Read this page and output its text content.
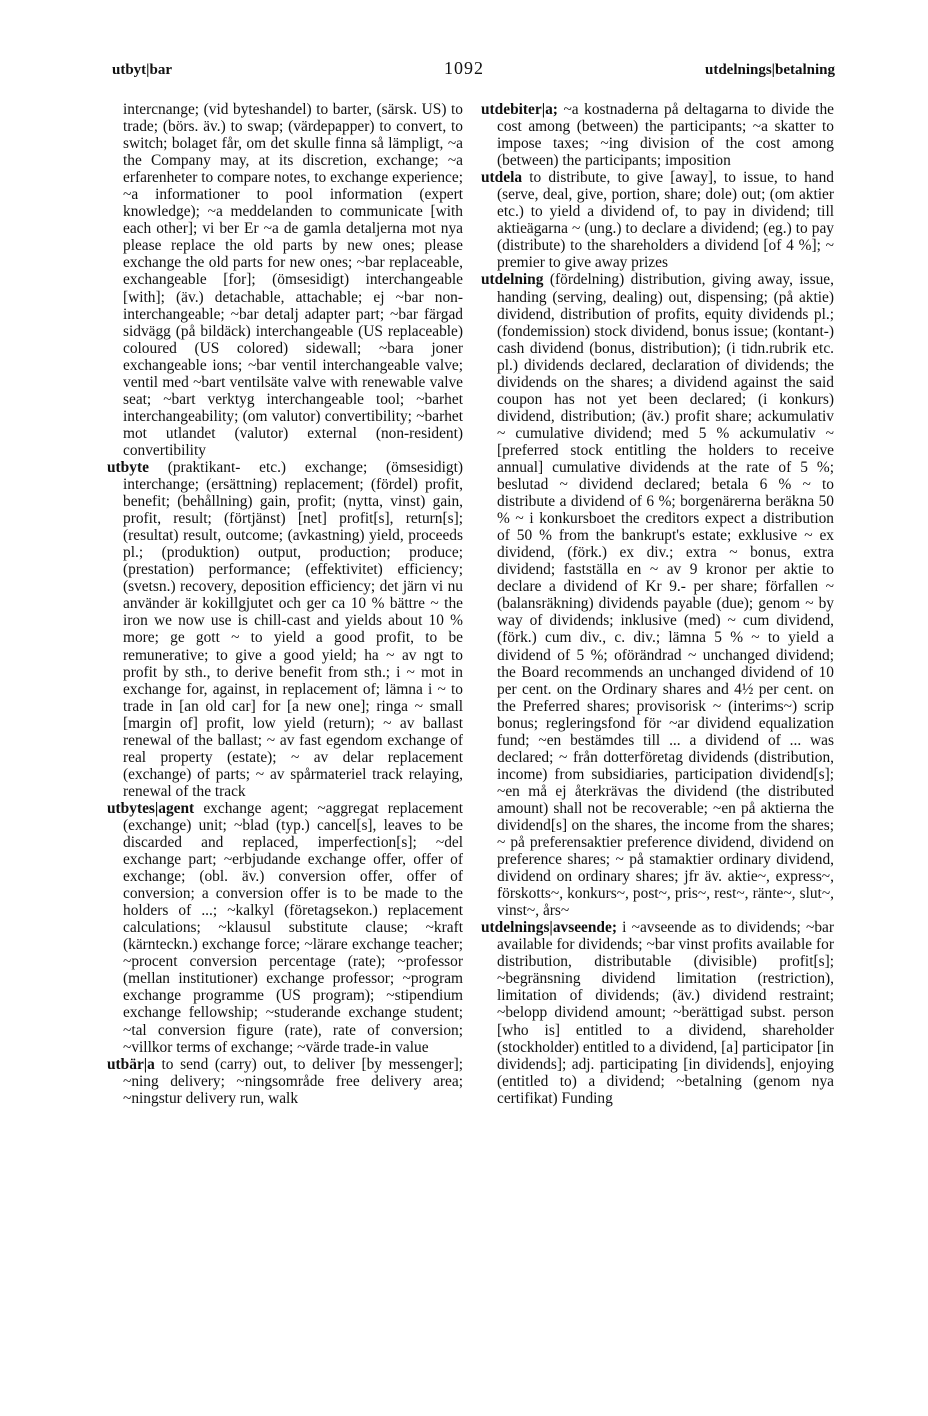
utbyt|bar	1092	utdelnings|betalning

intercnange; (vid byteshandel) to barter, (särsk. US) to trade; (börs. äv.) to swap; (värdepapper) to convert, to switch; bolaget får, om det skulle finna så lämpligt, ~a the Company may, at its discretion, exchange; ~a erfarenheter to compare notes, to exchange experience; ~a informationer to pool information (expert knowledge); ~a meddelanden to communicate [with each other]; vi ber Er ~a de gamla detaljerna mot nya please replace the old parts by new ones; please exchange the old parts for new ones; ~bar replaceable, exchangeable [for]; (ömsesidigt) interchangeable [with]; (äv.) detachable, attachable; ej ~bar non-interchangeable; ~bar detalj adapter part; ~bar färgad sidvägg (på bildäck) interchangeable (US replaceable) coloured (US colored) sidewall; ~bara joner exchangeable ions; ~bar ventil interchangeable valve; ventil med ~bart ventilsäte valve with renewable valve seat; ~bart verktyg interchangeable tool; ~barhet interchangeability; (om valutor) convertibility; ~barhet mot utlandet (valutor) external (non-resident) convertibility

utbyte (praktikant- etc.) exchange; (ömsesidigt) interchange; (ersättning) replacement; (fördel) profit, benefit; (behållning) gain, profit; (nytta, vinst) gain, profit, result; (förtjänst) [net] profit[s], return[s]; (resultat) result, outcome; (avkastning) yield, proceeds pl.; (produktion) output, production; produce; (prestation) performance; (effektivitet) efficiency; (svetsn.) recovery, deposition efficiency; det järn vi nu använder är kokillgjutet och ger ca 10 % bättre ~ the iron we now use is chill-cast and yields about 10 % more; ge gott ~ to yield a good profit, to be remunerative; to give a good yield; ha ~ av ngt to profit by sth., to derive benefit from sth.; i ~ mot in exchange for, against, in replacement of; lämna i ~ to trade in [an old car] for [a new one]; ringa ~ small [margin of] profit, low yield (return); ~ av ballast renewal of the ballast; ~ av fast egendom exchange of real property (estate); ~ av delar replacement (exchange) of parts; ~ av spårmateriel track relaying, renewal of the track

utbytes|agent exchange agent; ~aggregat replacement (exchange) unit; ~blad (typ.) cancel[s], leaves to be discarded and replaced, imperfection[s]; ~del exchange part; ~erbjudande exchange offer, offer of exchange; (obl. äv.) conversion offer, offer of conversion; a conversion offer is to be made to the holders of ...; ~kalkyl (företagsekon.) replacement calculations; ~klausul substitute clause; ~kraft (kärnteckn.) exchange force; ~lärare exchange teacher; ~procent conversion percentage (rate); ~professor (mellan institutioner) exchange professor; ~program exchange programme (US program); ~stipendium exchange fellowship; ~studerande exchange student; ~tal conversion figure (rate), rate of conversion; ~villkor terms of exchange; ~värde trade-in value

utbär|a to send (carry) out, to deliver [by messenger]; ~ning delivery; ~ningsområde free delivery area; ~ningstur delivery run, walk

utdebiter|a; ~a kostnaderna på deltagarna to divide the cost among (between) the participants; ~a skatter to impose taxes; ~ing division of the cost among (between) the participants; imposition

utdela to distribute, to give [away], to issue, to hand (serve, deal, give, portion, share; dole) out; (om aktier etc.) to yield a dividend of, to pay in dividend; till aktieägarna ~ (ung.) to declare a dividend; (eg.) to pay (distribute) to the shareholders a dividend [of 4 %]; ~ premier to give away prizes

utdelning (fördelning) distribution, giving away, issue, handing (serving, dealing) out, dispensing; (på aktie) dividend, distribution of profits, equity dividends pl.; (fondemission) stock dividend, bonus issue; (kontant-) cash dividend (bonus, distribution); (i tidn.rubrik etc. pl.) dividends declared, declaration of dividends; the dividends on the shares; a dividend against the said coupon has not yet been declared; (i konkurs) dividend, distribution; (äv.) profit share; ackumulativ ~ cumulative dividend; med 5 % ackumulativ ~ [preferred stock entitling the holders to receive annual] cumulative dividends at the rate of 5 %; beslutad ~ dividend declared; betala 6 % ~ to distribute a dividend of 6 %; borgenärerna beräkna 50 % ~ i konkursboet the creditors expect a distribution of 50 % from the bankrupt's estate; exklusive ~ ex dividend, (förk.) ex div.; extra ~ bonus, extra dividend; fastställa en ~ av 9 kronor per aktie to declare a dividend of Kr 9.- per share; förfallen ~ (balansräkning) dividends payable (due); genom ~ by way of dividends; inklusive (med) ~ cum dividend, (förk.) cum div., c. div.; lämna 5 % ~ to yield a dividend of 5 %; oförändrad ~ unchanged dividend; the Board recommends an unchanged dividend of 10 per cent. on the Ordinary shares and 4½ per cent. on the Preferred shares; provisorisk ~ (interims~) scrip bonus; regleringsfond för ~ar dividend equalization fund; ~en bestämdes till ... a dividend of ... was declared; ~ från dotterföretag dividends (distribution, income) from subsidiaries, participation dividend[s]; ~en må ej återkrävas the dividend (the distributed amount) shall not be recoverable; ~en på aktierna the dividend[s] on the shares, the income from the shares; ~ på preferensaktier preference dividend, dividend on preference shares; ~ på stamaktier ordinary dividend, dividend on ordinary shares; jfr äv. aktie~, express~, förskotts~, konkurs~, post~, pris~, rest~, ränte~, slut~, vinst~, års~

utdelnings|avseende; i ~avseende as to dividends; ~bar available for dividends; ~bar vinst profits available for distribution, distributable (divisible) profit[s]; ~begränsning dividend limitation (restriction), limitation of dividends; (äv.) dividend restraint; ~belopp dividend amount; ~berättigad subst. person [who is] entitled to a dividend, shareholder (stockholder) entitled to a dividend, [a] participator [in dividends]; adj. participating [in dividends], enjoying (entitled to) a dividend; ~betalning (genom nya certifikat) Funding
